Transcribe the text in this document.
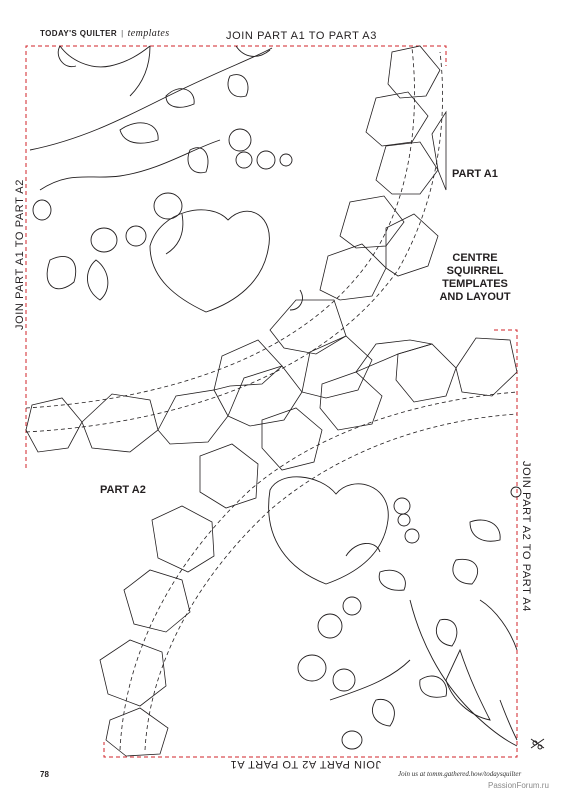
TODAY'S QUILTER | templates	JOIN PART A1 TO PART A3
JOIN PART A1 TO PART A2
JOIN PART A2 TO PART A4
JOIN PART A2 TO PART A1
PART A1
PART A2
CENTRE
SQUIRREL
TEMPLATES
AND LAYOUT
78	Join us at tomm.gathered.how/todaysquilter
PassionForum.ru
